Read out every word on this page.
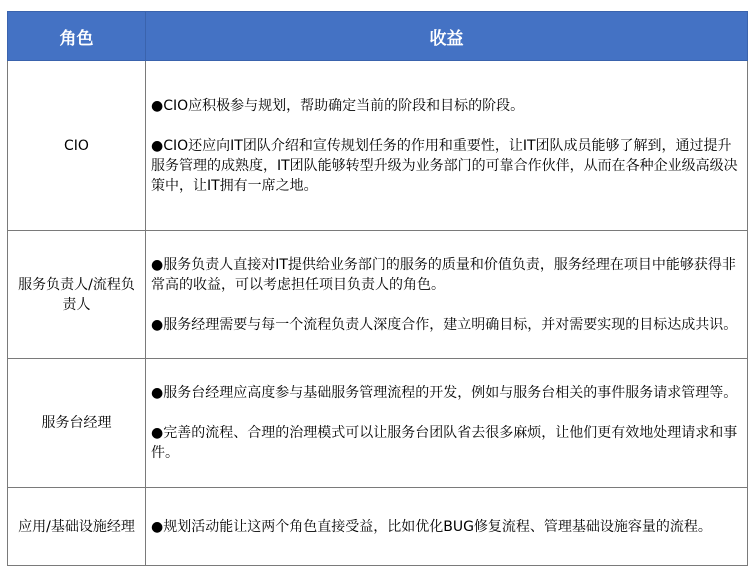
角色	收益
CIO	●CIO应积极参与规划，帮助确定当前的阶段和目标的阶段。

●CIO还应向IT团队介绍和宣传规划任务的作用和重要性，让IT团队成员能够了解到，通过提升服务管理的成熟度，IT团队能够转型升级为业务部门的可靠合作伙伴，从而在各种企业级高级决策中，让IT拥有一席之地。

服务负责人/流程负责人	●服务负责人直接对IT提供给业务部门的服务的质量和价值负责，服务经理在项目中能够获得非常高的收益，可以考虑担任项目负责人的角色。

●服务经理需要与每一个流程负责人深度合作，建立明确目标，并对需要实现的目标达成共识。

服务台经理	●服务台经理应高度参与基础服务管理流程的开发，例如与服务台相关的事件服务请求管理等。

●完善的流程、合理的治理模式可以让服务台团队省去很多麻烦，让他们更有效地处理请求和事件。

应用/基础设施经理	●规划活动能让这两个角色直接受益，比如优化BUG修复流程、管理基础设施容量的流程。
